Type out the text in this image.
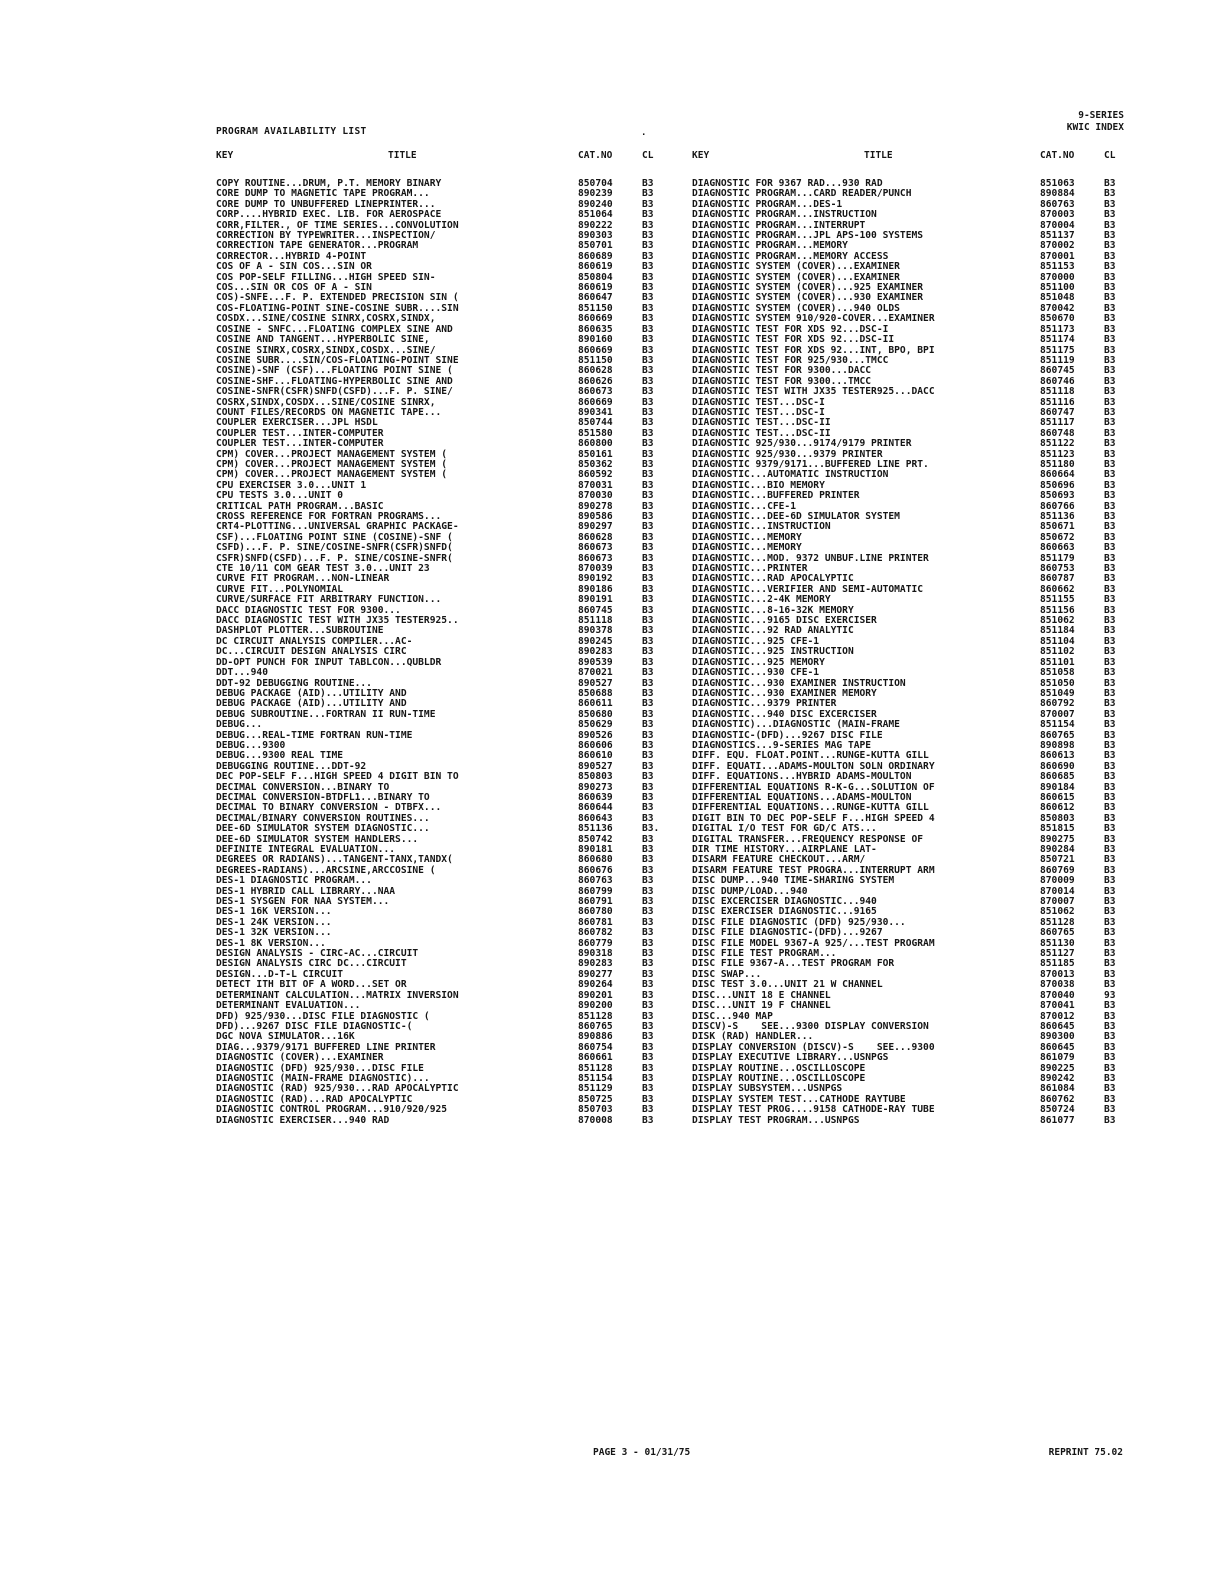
PROGRAM AVAILABILITY LIST	.
9-SERIES
KWIC INDEX
KEY	TITLE	CAT.NO	CL
COPY ROUTINE...DRUM, P.T. MEMORY BINARY	850704	B3
CORE DUMP TO MAGNETIC TAPE PROGRAM...	890239	B3
CORE DUMP TO UNBUFFERED LINEPRINTER...	890240	B3
CORP....HYBRID EXEC. LIB. FOR AEROSPACE	851064	B3
CORR,FILTER., OF TIME SERIES...CONVOLUTION	890222	B3
CORRECTION BY TYPEWRITER...INSPECTION/	890303	B3
CORRECTION TAPE GENERATOR...PROGRAM	850701	B3
CORRECTOR...HYBRID 4-POINT	860689	B3
COS OF A - SIN COS...SIN OR	860619	B3
COS POP-SELF FILLING...HIGH SPEED SIN-	850804	B3
COS...SIN OR COS OF A - SIN	860619	B3
COS)-SNFE...F. P. EXTENDED PRECISION SIN (	860647	B3
COS-FLOATING-POINT SINE-COSINE SUBR....SIN	851150	B3
COSDX...SINE/COSINE SINRX,COSRX,SINDX,	860669	B3
COSINE - SNFC...FLOATING COMPLEX SINE AND	860635	B3
COSINE AND TANGENT...HYPERBOLIC SINE,	890160	B3
COSINE SINRX,COSRX,SINDX,COSDX...SINE/	860669	B3
COSINE SUBR....SIN/COS-FLOATING-POINT SINE	851150	B3
COSINE)-SNF (CSF)...FLOATING POINT SINE (	860628	B3
COSINE-SHF...FLOATING-HYPERBOLIC SINE AND	860626	B3
COSINE-SNFR(CSFR)SNFD(CSFD)...F. P. SINE/	860673	B3
COSRX,SINDX,COSDX...SINE/COSINE SINRX,	860669	B3
COUNT FILES/RECORDS ON MAGNETIC TAPE...	890341	B3
COUPLER EXERCISER...JPL HSDL	850744	B3
COUPLER TEST...INTER-COMPUTER	851580	B3
COUPLER TEST...INTER-COMPUTER	860800	B3
CPM) COVER...PROJECT MANAGEMENT SYSTEM (	850161	B3
CPM) COVER...PROJECT MANAGEMENT SYSTEM (	850362	B3
CPM) COVER...PROJECT MANAGEMENT SYSTEM (	860592	B3
CPU EXERCISER 3.0...UNIT 1	870031	B3
CPU TESTS 3.0...UNIT 0	870030	B3
CRITICAL PATH PROGRAM...BASIC	890278	B3
CROSS REFERENCE FOR FORTRAN PROGRAMS...	890586	B3
CRT4-PLOTTING...UNIVERSAL GRAPHIC PACKAGE-	890297	B3
CSF)...FLOATING POINT SINE (COSINE)-SNF (	860628	B3
CSFD)...F. P. SINE/COSINE-SNFR(CSFR)SNFD(	860673	B3
CSFR)SNFD(CSFD)...F. P. SINE/COSINE-SNFR(	860673	B3
CTE 10/11 COM GEAR TEST 3.0...UNIT 23	870039	B3
CURVE FIT PROGRAM...NON-LINEAR	890192	B3
CURVE FIT...POLYNOMIAL	890186	B3
CURVE/SURFACE FIT ARBITRARY FUNCTION...	890191	B3
DACC DIAGNOSTIC TEST FOR 9300...	860745	B3
DACC DIAGNOSTIC TEST WITH JX35 TESTER925..	851118	B3
DASHPLOT PLOTTER...SUBROUTINE	890378	B3
DC CIRCUIT ANALYSIS COMPILER...AC-	890245	B3
DC...CIRCUIT DESIGN ANALYSIS CIRC	890283	B3
DD-OPT PUNCH FOR INPUT TABLCON...QUBLDR	890539	B3
DDT...940	870021	B3
DDT-92 DEBUGGING ROUTINE...	890527	B3
DEBUG PACKAGE (AID)...UTILITY AND	850688	B3
DEBUG PACKAGE (AID)...UTILITY AND	860611	B3
DEBUG SUBROUTINE...FORTRAN II RUN-TIME	850680	B3
DEBUG...	850629	B3
DEBUG...REAL-TIME FORTRAN RUN-TIME	890526	B3
DEBUG...9300	860606	B3
DEBUG...9300 REAL TIME	860610	B3
DEBUGGING ROUTINE...DDT-92	890527	B3
DEC POP-SELF F...HIGH SPEED 4 DIGIT BIN TO	850803	B3
DECIMAL CONVERSION...BINARY TO	890273	B3
DECIMAL CONVERSION-BTDFL1...BINARY TO	860639	B3
DECIMAL TO BINARY CONVERSION - DTBFX...	860644	B3
DECIMAL/BINARY CONVERSION ROUTINES...	860643	B3
DEE-6D SIMULATOR SYSTEM DIAGNOSTIC...	851136	B3.
DEE-6D SIMULATOR SYSTEM HANDLERS...	850742	B3
DEFINITE INTEGRAL EVALUATION...	890181	B3
DEGREES OR RADIANS)...TANGENT-TANX,TANDX(	860680	B3
DEGREES-RADIANS)...ARCSINE,ARCCOSINE (	860676	B3
DES-1 DIAGNOSTIC PROGRAM...	860763	B3
DES-1 HYBRID CALL LIBRARY...NAA	860799	B3
DES-1 SYSGEN FOR NAA SYSTEM...	860791	B3
DES-1 16K VERSION...	860780	B3
DES-1 24K VERSION...	860781	B3
DES-1 32K VERSION...	860782	B3
DES-1 8K VERSION...	860779	B3
DESIGN ANALYSIS - CIRC-AC...CIRCUIT	890318	B3
DESIGN ANALYSIS CIRC DC...CIRCUIT	890283	B3
DESIGN...D-T-L CIRCUIT	890277	B3
DETECT ITH BIT OF A WORD...SET OR	890264	B3
DETERMINANT CALCULATION...MATRIX INVERSION	890201	B3
DETERMINANT EVALUATION...	890200	B3
DFD) 925/930...DISC FILE DIAGNOSTIC (	851128	B3
DFD)...9267 DISC FILE DIAGNOSTIC-(	860765	B3
DGC NOVA SIMULATOR...16K	890886	B3
DIAG...9379/9171 BUFFERED LINE PRINTER	860754	B3
DIAGNOSTIC (COVER)...EXAMINER	860661	B3
DIAGNOSTIC (DFD) 925/930...DISC FILE	851128	B3
DIAGNOSTIC (MAIN-FRAME DIAGNOSTIC)...	851154	B3
DIAGNOSTIC (RAD) 925/930...RAD APOCALYPTIC	851129	B3
DIAGNOSTIC (RAD)...RAD APOCALYPTIC	850725	B3
DIAGNOSTIC CONTROL PROGRAM...910/920/925	850703	B3
DIAGNOSTIC EXERCISER...940 RAD	870008	B3
KEY	TITLE	CAT.NO	CL
DIAGNOSTIC FOR 9367 RAD...930 RAD	851063	B3
DIAGNOSTIC PROGRAM...CARD READER/PUNCH	890884	B3
DIAGNOSTIC PROGRAM...DES-1	860763	B3
DIAGNOSTIC PROGRAM...INSTRUCTION	870003	B3
DIAGNOSTIC PROGRAM...INTERRUPT	870004	B3
DIAGNOSTIC PROGRAM...JPL APS-100 SYSTEMS	851137	B3
DIAGNOSTIC PROGRAM...MEMORY	870002	B3
DIAGNOSTIC PROGRAM...MEMORY ACCESS	870001	B3
DIAGNOSTIC SYSTEM (COVER)...EXAMINER	851153	B3
DIAGNOSTIC SYSTEM (COVER)...EXAMINER	870000	B3
DIAGNOSTIC SYSTEM (COVER)...925 EXAMINER	851100	B3
DIAGNOSTIC SYSTEM (COVER)...930 EXAMINER	851048	B3
DIAGNOSTIC SYSTEM (COVER)...940 OLDS	870042	B3
DIAGNOSTIC SYSTEM 910/920-COVER...EXAMINER	850670	B3
DIAGNOSTIC TEST FOR XDS 92...DSC-I	851173	B3
DIAGNOSTIC TEST FOR XDS 92...DSC-II	851174	B3
DIAGNOSTIC TEST FOR XDS 92...INT, BPO, BPI	851175	B3
DIAGNOSTIC TEST FOR 925/930...TMCC	851119	B3
DIAGNOSTIC TEST FOR 9300...DACC	860745	B3
DIAGNOSTIC TEST FOR 9300...TMCC	860746	B3
DIAGNOSTIC TEST WITH JX35 TESTER925...DACC	851118	B3
DIAGNOSTIC TEST...DSC-I	851116	B3
DIAGNOSTIC TEST...DSC-I	860747	B3
DIAGNOSTIC TEST...DSC-II	851117	B3
DIAGNOSTIC TEST...DSC-II	860748	B3
DIAGNOSTIC 925/930...9174/9179 PRINTER	851122	B3
DIAGNOSTIC 925/930...9379 PRINTER	851123	B3
DIAGNOSTIC 9379/9171...BUFFERED LINE PRT.	851180	B3
DIAGNOSTIC...AUTOMATIC INSTRUCTION	860664	B3
DIAGNOSTIC...BIO MEMORY	850696	B3
DIAGNOSTIC...BUFFERED PRINTER	850693	B3
DIAGNOSTIC...CFE-1	860766	B3
DIAGNOSTIC...DEE-6D SIMULATOR SYSTEM	851136	B3
DIAGNOSTIC...INSTRUCTION	850671	B3
DIAGNOSTIC...MEMORY	850672	B3
DIAGNOSTIC...MEMORY	860663	B3
DIAGNOSTIC...MOD. 9372 UNBUF.LINE PRINTER	851179	B3
DIAGNOSTIC...PRINTER	860753	B3
DIAGNOSTIC...RAD APOCALYPTIC	860787	B3
DIAGNOSTIC...VERIFIER AND SEMI-AUTOMATIC	860662	B3
DIAGNOSTIC...2-4K MEMORY	851155	B3
DIAGNOSTIC...8-16-32K MEMORY	851156	B3
DIAGNOSTIC...9165 DISC EXERCISER	851062	B3
DIAGNOSTIC...92 RAD ANALYTIC	851184	B3
DIAGNOSTIC...925 CFE-1	851104	B3
DIAGNOSTIC...925 INSTRUCTION	851102	B3
DIAGNOSTIC...925 MEMORY	851101	B3
DIAGNOSTIC...930 CFE-1	851058	B3
DIAGNOSTIC...930 EXAMINER INSTRUCTION	851050	B3
DIAGNOSTIC...930 EXAMINER MEMORY	851049	B3
DIAGNOSTIC...9379 PRINTER	860792	B3
DIAGNOSTIC...940 DISC EXCERCISER	870007	B3
DIAGNOSTIC)...DIAGNOSTIC (MAIN-FRAME	851154	B3
DIAGNOSTIC-(DFD)...9267 DISC FILE	860765	B3
DIAGNOSTICS...9-SERIES MAG TAPE	890898	B3
DIFF. EQU. FLOAT.POINT...RUNGE-KUTTA GILL	860613	B3
DIFF. EQUATI...ADAMS-MOULTON SOLN ORDINARY	860690	B3
DIFF. EQUATIONS...HYBRID ADAMS-MOULTON	860685	B3
DIFFERENTIAL EQUATIONS R-K-G...SOLUTION OF	890184	B3
DIFFERENTIAL EQUATIONS...ADAMS-MOULTON	860615	B3
DIFFERENTIAL EQUATIONS...RUNGE-KUTTA GILL	860612	B3
DIGIT BIN TO DEC POP-SELF F...HIGH SPEED 4	850803	B3
DIGITAL I/O TEST FOR GD/C ATS...	851815	B3
DIGITAL TRANSFER...FREQUENCY RESPONSE OF	890275	B3
DIR TIME HISTORY...AIRPLANE LAT-	890284	B3
DISARM FEATURE CHECKOUT...ARM/	850721	B3
DISARM FEATURE TEST PROGRA...INTERRUPT ARM	860769	B3
DISC DUMP...940 TIME-SHARING SYSTEM	870009	B3
DISC DUMP/LOAD...940	870014	B3
DISC EXCERCISER DIAGNOSTIC...940	870007	B3
DISC EXERCISER DIAGNOSTIC...9165	851062	B3
DISC FILE DIAGNOSTIC (DFD) 925/930...	851128	B3
DISC FILE DIAGNOSTIC-(DFD)...9267	860765	B3
DISC FILE MODEL 9367-A 925/...TEST PROGRAM	851130	B3
DISC FILE TEST PROGRAM...	851127	B3
DISC FILE 9367-A...TEST PROGRAM FOR	851185	B3
DISC SWAP...	870013	B3
DISC TEST 3.0...UNIT 21 W CHANNEL	870038	B3
DISC...UNIT 18 E CHANNEL	870040	93
DISC...UNIT 19 F CHANNEL	870041	B3
DISC...940 MAP	870012	B3
DISCV)-S    SEE...9300 DISPLAY CONVERSION	860645	B3
DISK (RAD) HANDLER...	890300	B3
DISPLAY CONVERSION (DISCV)-S    SEE...9300	860645	B3
DISPLAY EXECUTIVE LIBRARY...USNPGS	861079	B3
DISPLAY ROUTINE...OSCILLOSCOPE	890225	B3
DISPLAY ROUTINE...OSCILLOSCOPE	890242	B3
DISPLAY SUBSYSTEM...USNPGS	861084	B3
DISPLAY SYSTEM TEST...CATHODE RAYTUBE	860762	B3
DISPLAY TEST PROG....9158 CATHODE-RAY TUBE	850724	B3
DISPLAY TEST PROGRAM...USNPGS	861077	B3
PAGE 3 - 01/31/75	REPRINT 75.02
